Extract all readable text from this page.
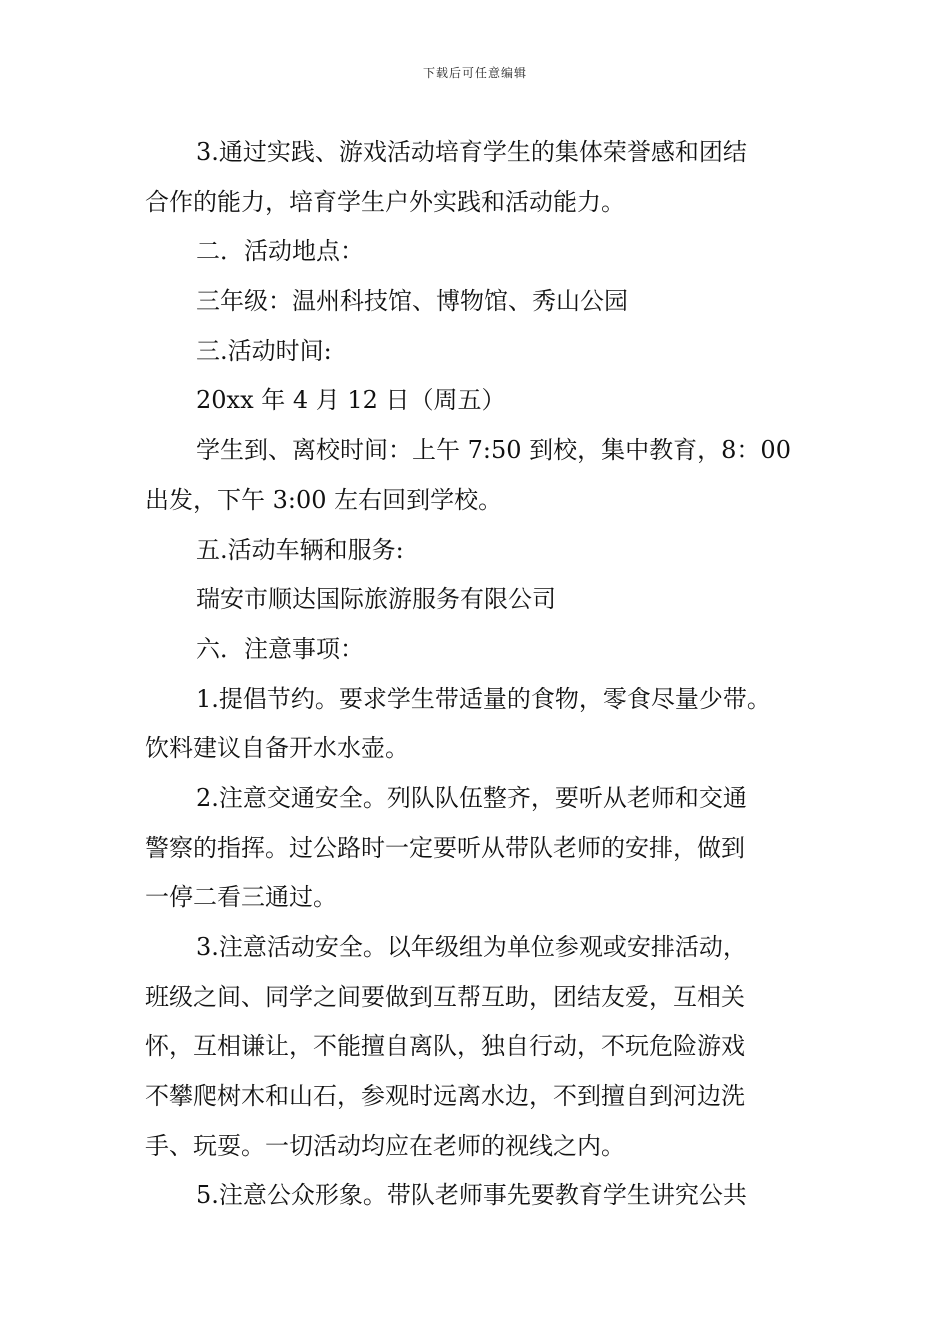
下载后可任意编辑
3.通过实践、游戏活动培育学生的集体荣誉感和团结
合作的能力，培育学生户外实践和活动能力。
二．活动地点：
三年级：温州科技馆、博物馆、秀山公园
三.活动时间:
20xx 年 4 月 12 日（周五）
学生到、离校时间：上午 7:50 到校，集中教育，8：00
出发，下午 3:00 左右回到学校。
五.活动车辆和服务:
瑞安市顺达国际旅游服务有限公司
六．注意事项：
1.提倡节约。要求学生带适量的食物，零食尽量少带。
饮料建议自备开水水壶。
2.注意交通安全。列队队伍整齐，要听从老师和交通
警察的指挥。过公路时一定要听从带队老师的安排，做到
一停二看三通过。
3.注意活动安全。以年级组为单位参观或安排活动，
班级之间、同学之间要做到互帮互助，团结友爱，互相关
怀，互相谦让，不能擅自离队，独自行动，不玩危险游戏
不攀爬树木和山石，参观时远离水边，不到擅自到河边洗
手、玩耍。一切活动均应在老师的视线之内。
5.注意公众形象。带队老师事先要教育学生讲究公共
